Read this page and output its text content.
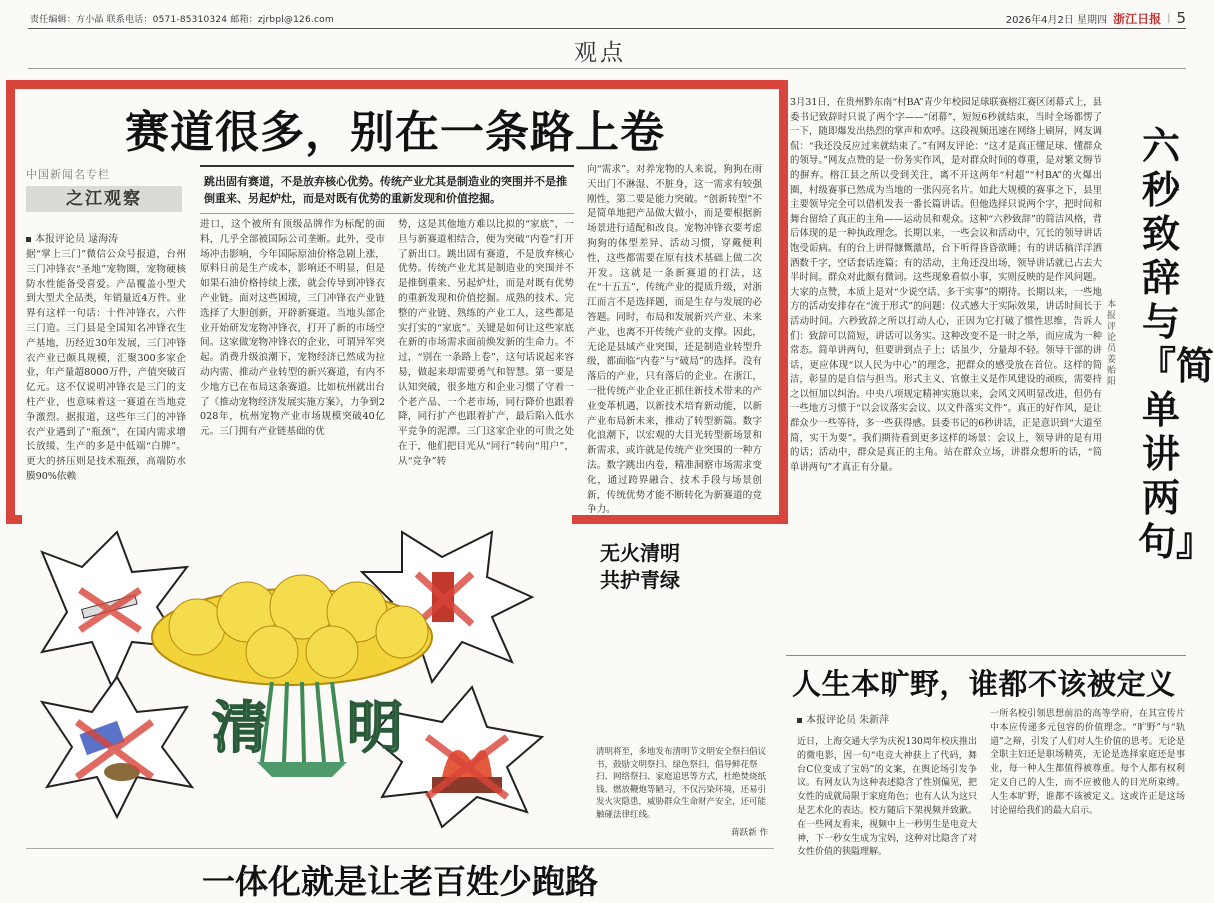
责任编辑：方小晶 联系电话：0571-85310324 邮箱：zjrbpl@126.com	2026年4月2日 星期四 浙江日报 | 5
观点
赛道很多，别在一条路上卷
中国新闻名专栏
之江观察
本报评论员 逯海涛
跳出固有赛道，不是放弃核心优势。传统产业尤其是制造业的突围并不是推倒重来、另起炉灶，而是对既有优势的重新发现和价值挖掘。
据“掌上三门”微信公众号报道，台州三门冲锋衣“圣地”宠物圈，宠物硬核防水性能备受喜爱。产品覆盖小型犬到大型犬全品类，年销量近4万件。业界有这样一句话：十件冲锋衣，六件三门造。三门县是全国知名冲锋衣生产基地，历经近30年发展，三门冲锋衣产业已颇具规模，汇聚300多家企业，年产量超8000万件，产值突破百亿元。这不仅说明冲锋衣是三门的支柱产业，也意味着这一赛道在当地竞争激烈。据报道，这些年三门的冲锋衣产业遇到了“瓶颈”，在国内需求增长放缓、生产的多是中低端“白牌”。更大的挤压则是技术瓶颈，高端防水膜90%依赖
进口，这个被所有顶级品牌作为标配的面料，几乎全部被国际公司垄断。此外，受市场冲击影响，今年国际原油价格急剧上涨，原料日前是生产成本，影响还不明显，但是如果石油价格持续上涨，就会传导到冲锋衣产业链。面对这些困境，三门冲锋衣产业链选择了大胆创新，开辟新赛道。当地头部企业开始研发宠物冲锋衣，打开了新的市场空间。这家做宠物冲锋衣的企业，可谓异军突起。消费升级浪潮下，宠物经济已然成为拉动内需、推动产业转型的新兴赛道，有内不少地方已在布局这条赛道。比如杭州就出台了《推动宠物经济发展实施方案》，力争到2028年，杭州宠物产业市场规模突破40亿元。三门拥有产业链基础的优
势，这是其他地方难以比拟的“家底”，一旦与新赛道相结合，便为突破“内卷”打开了新出口。跳出固有赛道，不是放弃核心优势。传统产业尤其是制造业的突围并不是推倒重来、另起炉灶，而是对既有优势的重新发现和价值挖掘。成熟的技术、完整的产业链、熟练的产业工人，这些都是实打实的“家底”。关键是如何让这些家底在新的市场需求面前焕发新的生命力。不过，“别在一条路上卷”，这句话说起来容易，做起来却需要勇气和智慧。第一要是认知突破，很多地方和企业习惯了守着一个老产品、一个老市场，同行降价也跟着降，同行扩产也跟着扩产，最后陷入低水平竞争的泥潭。三门这家企业的可贵之处在于，他们把目光从“同行”转向“用户”，从“竞争”转
向“需求”。对养宠物的人来说，狗狗在雨天出门不淋湿、不脏身，这一需求有较强刚性，第二要是能力突破。“创新转型”不是简单地把产品做大做小，而是要根据新场景进行适配和改良。宠物冲锋衣要考虑狗狗的体型差异、活动习惯，穿戴便利性，这些都需要在原有技术基础上做二次开发。这就是一条新赛道的打法，这在“十五五”，传统产业的提质升级，对浙江而言不是选择题，而是生存与发展的必答题。同时，布局和发展新兴产业、未来产业，也离不开传统产业的支撑。因此，无论是县域产业突围，还是制造业转型升级，都面临“内卷”与“破局”的选择。没有落后的产业，只有落后的企业。在浙江，一批传统产业企业正抓住新技术带来的产业变革机遇，以新技术培育新动能，以新产业布局新未来，推动了转型新篇。数字化浪潮下，以宏观的大目光转型新场景和新需求，或许就是传统产业突围的一种方法。数字跳出内卷，精准洞察市场需求变化，通过跨界融合、技术手段与场景创新，传统优势才能不断转化为新赛道的竞争力。
3月31日，在贵州黔东南“村BA”青少年校园足球联赛榕江赛区闭幕式上，县委书记致辞时只说了两个字——“闭幕”，短短6秒就结束，当时全场都愣了一下，随即爆发出热烈的掌声和欢呼。这段视频迅速在网络上刷屏，网友调侃：“我还没反应过来就结束了。”有网友评论：“这才是真正懂足球、懂群众的领导。”网友点赞的是一份务实作风，是对群众时间的尊重，是对繁文缛节的摒弃。榕江县之所以受到关注，离不开这两年“村超”“村BA”的火爆出圈，村级赛事已然成为当地的一张闪亮名片。如此大规模的赛事之下，县里主要领导完全可以借机发表一番长篇讲话。但他选择只说两个字，把时间和舞台留给了真正的主角——运动员和观众。这种“六秒致辞”的简洁风格，背后体现的是一种执政理念。长期以来，一些会议和活动中，冗长的领导讲话饱受诟病。有的台上讲得慷慨激昂，台下听得昏昏欲睡；有的讲话稿洋洋洒洒数千字，空话套话连篇；有的活动，主角还没出场，领导讲话就已占去大半时间。群众对此颇有微词。这些现象看似小事，实则反映的是作风问题。大家的点赞，本质上是对“少说空话、多干实事”的期待。长期以来，一些地方的活动安排存在“流于形式”的问题：仪式感大于实际效果，讲话时间长于活动时间。六秒致辞之所以打动人心，正因为它打破了惯性思维，告诉人们：致辞可以简短，讲话可以务实。这种改变不是一时之举，而应成为一种常态。简单讲两句，但要讲到点子上；话虽少，分量却不轻。领导干部的讲话，更应体现“以人民为中心”的理念，把群众的感受放在首位。这样的简洁，彰显的是自信与担当。形式主义、官僚主义是作风建设的顽疾，需要持之以恒加以纠治。中央八项规定精神实施以来，会风文风明显改进，但仍有一些地方习惯于“以会议落实会议、以文件落实文件”。真正的好作风，是让群众少一些等待，多一些获得感。县委书记的6秒讲话，正是意识到“大道至简，实干为要”。我们期待看到更多这样的场景：会议上，领导讲的是有用的话；活动中，群众是真正的主角。站在群众立场，讲群众想听的话，“简单讲两句”才真正有分量。
六秒致辞与『简单讲两句』
本报评论员 姜贻阳
清 明
无火清明
共护青绿
清明将至，多地发布清明节文明安全祭扫倡议书，鼓励文明祭扫、绿色祭扫，倡导鲜花祭扫、网络祭扫、家庭追思等方式，杜绝焚烧纸钱、燃放鞭炮等陋习，不仅污染环境，还易引发火灾隐患，威胁群众生命财产安全，还可能触碰法律红线。
蒋跃新 作
人生本旷野，谁都不该被定义
本报评论员 朱新萍
近日，上海交通大学为庆祝130周年校庆推出的微电影，因一句“电竞大神获上了代码，舞台C位变成了宝妈”的文案，在舆论场引发争议。有网友认为这种表述隐含了性别偏见，把女性的成就局限于家庭角色；也有人认为这只是艺术化的表达。校方随后下架视频并致歉。在一些网友看来，视频中上一秒男生是电竞大神，下一秒女生成为宝妈，这种对比隐含了对女性价值的狭隘理解。
一所名校引领思想前沿的高等学府，在其宣传片中本应传递多元包容的价值理念。“旷野”与“轨道”之辩，引发了人们对人生价值的思考。无论是全职主妇还是职场精英，无论是选择家庭还是事业，每一种人生都值得被尊重。每个人都有权利定义自己的人生，而不应被他人的目光所束缚。人生本旷野，谁都不该被定义。这或许正是这场讨论留给我们的最大启示。
一体化就是让老百姓少跑路
